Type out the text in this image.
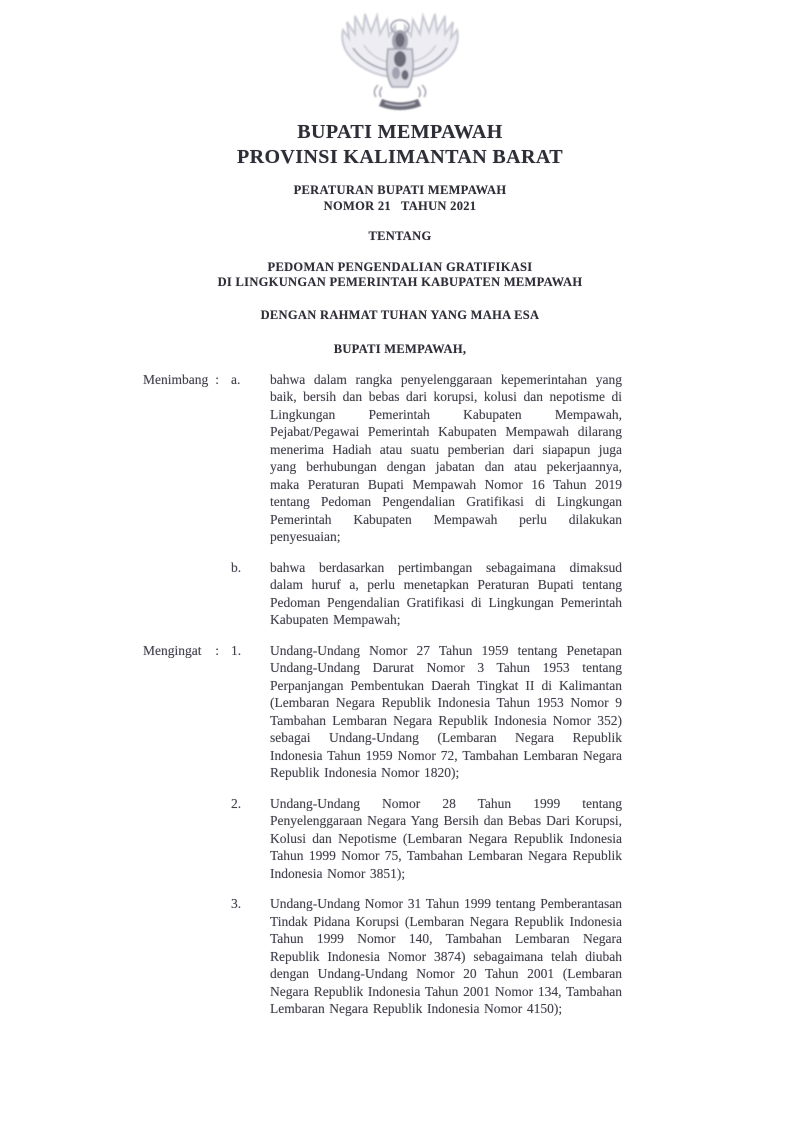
BUPATI MEMPAWAH
PROVINSI KALIMANTAN BARAT
PERATURAN BUPATI MEMPAWAH
NOMOR 21   TAHUN 2021
TENTANG
PEDOMAN PENGENDALIAN GRATIFIKASI
DI LINGKUNGAN PEMERINTAH KABUPATEN MEMPAWAH
DENGAN RAHMAT TUHAN YANG MAHA ESA
BUPATI MEMPAWAH,
Menimbang : a.	bahwa dalam rangka penyelenggaraan kepemerintahan yang baik, bersih dan bebas dari korupsi, kolusi dan nepotisme di Lingkungan Pemerintah Kabupaten Mempawah, Pejabat/Pegawai Pemerintah Kabupaten Mempawah dilarang menerima Hadiah atau suatu pemberian dari siapapun juga yang berhubungan dengan jabatan dan atau pekerjaannya, maka Peraturan Bupati Mempawah Nomor 16 Tahun 2019 tentang Pedoman Pengendalian Gratifikasi di Lingkungan Pemerintah Kabupaten Mempawah perlu dilakukan penyesuaian;
b.	bahwa berdasarkan pertimbangan sebagaimana dimaksud dalam huruf a, perlu menetapkan Peraturan Bupati tentang Pedoman Pengendalian Gratifikasi di Lingkungan Pemerintah Kabupaten Mempawah;
Mengingat : 1.	Undang-Undang Nomor 27 Tahun 1959 tentang Penetapan Undang-Undang Darurat Nomor 3 Tahun 1953 tentang Perpanjangan Pembentukan Daerah Tingkat II di Kalimantan (Lembaran Negara Republik Indonesia Tahun 1953 Nomor 9 Tambahan Lembaran Negara Republik Indonesia Nomor 352) sebagai Undang-Undang (Lembaran Negara Republik Indonesia Tahun 1959 Nomor 72, Tambahan Lembaran Negara Republik Indonesia Nomor 1820);
2.	Undang-Undang Nomor 28 Tahun 1999 tentang Penyelenggaraan Negara Yang Bersih dan Bebas Dari Korupsi, Kolusi dan Nepotisme (Lembaran Negara Republik Indonesia Tahun 1999 Nomor 75, Tambahan Lembaran Negara Republik Indonesia Nomor 3851);
3.	Undang-Undang Nomor 31 Tahun 1999 tentang Pemberantasan Tindak Pidana Korupsi (Lembaran Negara Republik Indonesia Tahun 1999 Nomor 140, Tambahan Lembaran Negara Republik Indonesia Nomor 3874) sebagaimana telah diubah dengan Undang-Undang Nomor 20 Tahun 2001 (Lembaran Negara Republik Indonesia Tahun 2001 Nomor 134, Tambahan Lembaran Negara Republik Indonesia Nomor 4150);
